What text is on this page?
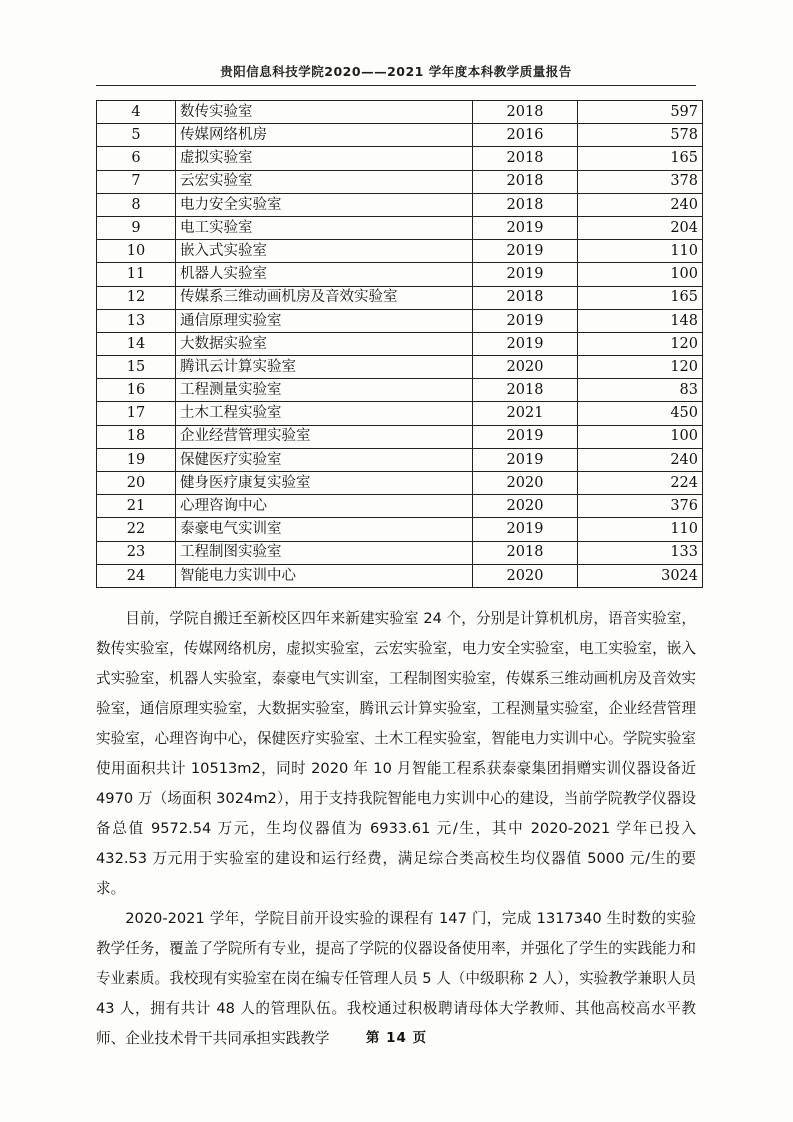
贵阳信息科技学院2020——2021 学年度本科教学质量报告
4	数传实验室	2018	597
5	传媒网络机房	2016	578
6	虚拟实验室	2018	165
7	云宏实验室	2018	378
8	电力安全实验室	2018	240
9	电工实验室	2019	204
10	嵌入式实验室	2019	110
11	机器人实验室	2019	100
12	传媒系三维动画机房及音效实验室	2018	165
13	通信原理实验室	2019	148
14	大数据实验室	2019	120
15	腾讯云计算实验室	2020	120
16	工程测量实验室	2018	83
17	土木工程实验室	2021	450
18	企业经营管理实验室	2019	100
19	保健医疗实验室	2019	240
20	健身医疗康复实验室	2020	224
21	心理咨询中心	2020	376
22	泰豪电气实训室	2019	110
23	工程制图实验室	2018	133
24	智能电力实训中心	2020	3024

目前，学院自搬迁至新校区四年来新建实验室 24 个，分别是计算机机房，语音实验室，数传实验室，传媒网络机房，虚拟实验室，云宏实验室，电力安全实验室，电工实验室，嵌入式实验室，机器人实验室，泰豪电气实训室，工程制图实验室，传媒系三维动画机房及音效实验室，通信原理实验室，大数据实验室，腾讯云计算实验室，工程测量实验室，企业经营管理实验室，心理咨询中心，保健医疗实验室、土木工程实验室，智能电力实训中心。学院实验室使用面积共计 10513m2，同时 2020 年 10 月智能工程系获泰豪集团捐赠实训仪器设备近 4970 万（场面积 3024m2），用于支持我院智能电力实训中心的建设，当前学院教学仪器设备总值 9572.54 万元，生均仪器值为 6933.61 元/生，其中 2020-2021 学年已投入 432.53 万元用于实验室的建设和运行经费，满足综合类高校生均仪器值 5000 元/生的要求。

2020-2021 学年，学院目前开设实验的课程有 147 门，完成 1317340 生时数的实验教学任务，覆盖了学院所有专业，提高了学院的仪器设备使用率，并强化了学生的实践能力和专业素质。我校现有实验室在岗在编专任管理人员 5 人（中级职称 2 人），实验教学兼职人员 43 人，拥有共计 48 人的管理队伍。我校通过积极聘请母体大学教师、其他高校高水平教师、企业技术骨干共同承担实践教学	第 14 页
